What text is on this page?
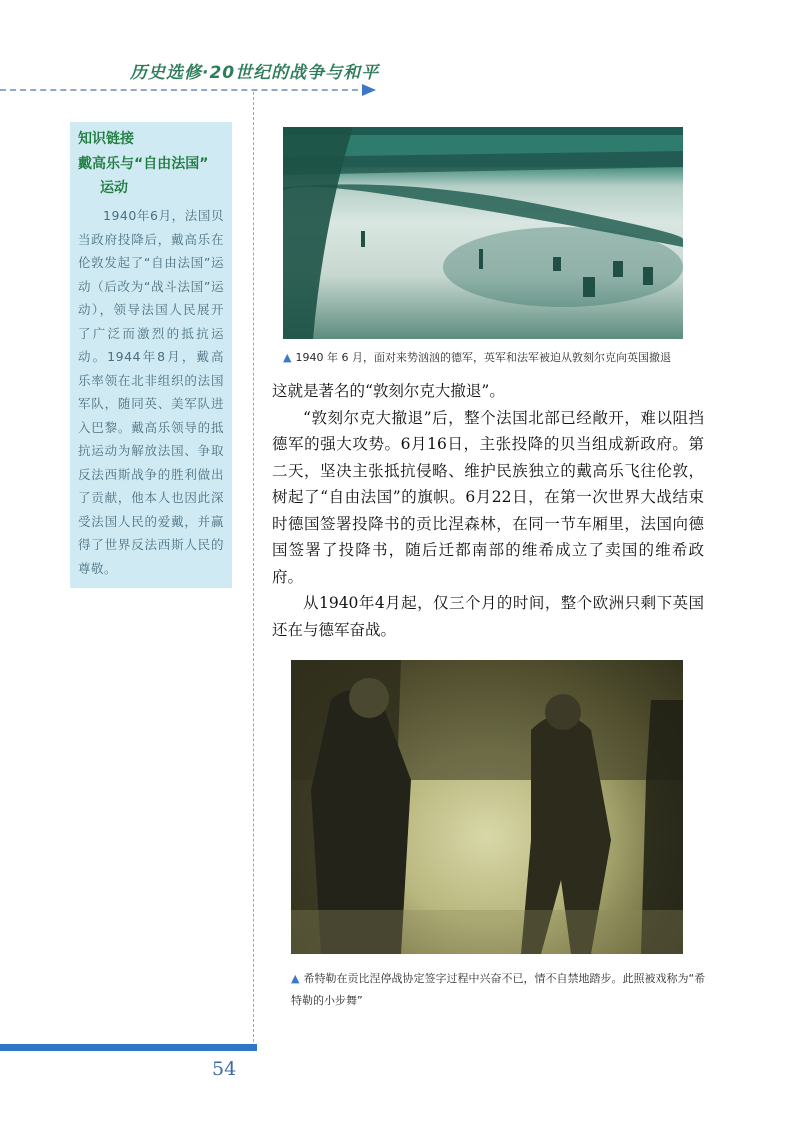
历史选修·20世纪的战争与和平
知识链接
戴高乐与“自由法国”
运动
1940年6月，法国贝当政府投降后，戴高乐在伦敦发起了“自由法国”运动（后改为“战斗法国”运动），领导法国人民展开了广泛而激烈的抵抗运动。1944年8月，戴高乐率领在北非组织的法国军队，随同英、美军队进入巴黎。戴高乐领导的抵抗运动为解放法国、争取反法西斯战争的胜利做出了贡献，他本人也因此深受法国人民的爱戴，并赢得了世界反法西斯人民的尊敬。
▲ 1940 年 6 月，面对来势汹汹的德军，英军和法军被迫从敦刻尔克向英国撤退

这就是著名的“敦刻尔克大撤退”。

“敦刻尔克大撤退”后，整个法国北部已经敞开，难以阻挡德军的强大攻势。6月16日，主张投降的贝当组成新政府。第二天，坚决主张抵抗侵略、维护民族独立的戴高乐飞往伦敦，树起了“自由法国”的旗帜。6月22日，在第一次世界大战结束时德国签署投降书的贡比涅森林，在同一节车厢里，法国向德国签署了投降书，随后迁都南部的维希成立了卖国的维希政府。

从1940年4月起，仅三个月的时间，整个欧洲只剩下英国还在与德军奋战。

▲ 希特勒在贡比涅停战协定签字过程中兴奋不已，情不自禁地踏步。此照被戏称为“希特勒的小步舞”
54
